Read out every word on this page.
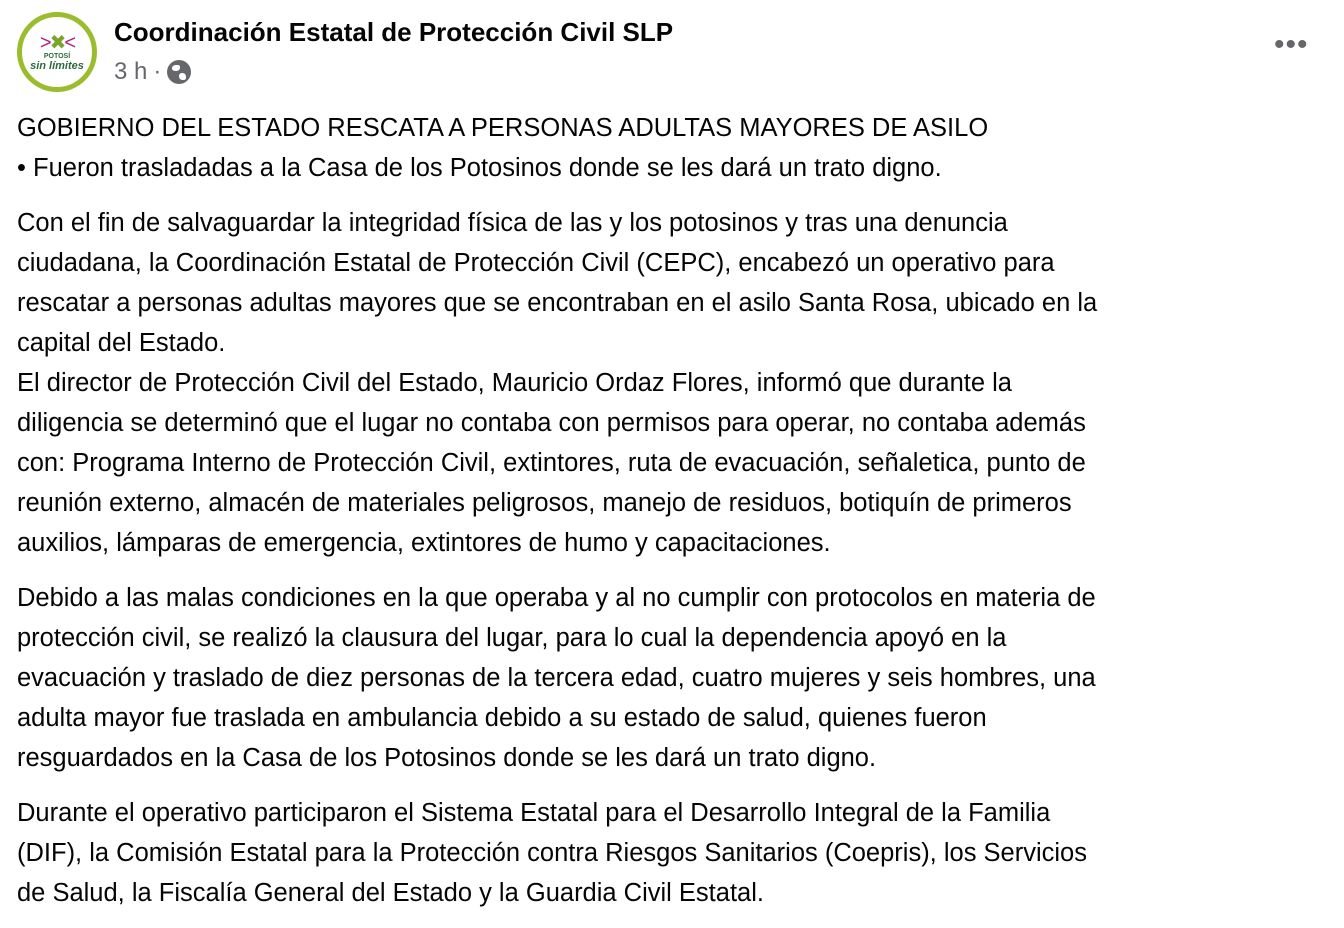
>✖<
POTOSÍ
sin límites
Coordinación Estatal de Protección Civil SLP
3 h ·
•••
GOBIERNO DEL ESTADO RESCATA A PERSONAS ADULTAS MAYORES DE ASILO
• Fueron trasladadas a la Casa de los Potosinos donde se les dará un trato digno.
Con el fin de salvaguardar la integridad física de las y los potosinos y tras una denuncia
ciudadana, la Coordinación Estatal de Protección Civil (CEPC), encabezó un operativo para
rescatar a personas adultas mayores que se encontraban en el asilo Santa Rosa, ubicado en la
capital del Estado.
El director de Protección Civil del Estado, Mauricio Ordaz Flores, informó que durante la
diligencia se determinó que el lugar no contaba con permisos para operar, no contaba además
con: Programa Interno de Protección Civil, extintores, ruta de evacuación, señaletica, punto de
reunión externo, almacén de materiales peligrosos, manejo de residuos, botiquín de primeros
auxilios, lámparas de emergencia, extintores de humo y capacitaciones.
Debido a las malas condiciones en la que operaba y al no cumplir con protocolos en materia de
protección civil, se realizó la clausura del lugar, para lo cual la dependencia apoyó en la
evacuación y traslado de diez personas de la tercera edad, cuatro mujeres y seis hombres, una
adulta mayor fue traslada en ambulancia debido a su estado de salud, quienes fueron
resguardados en la Casa de los Potosinos donde se les dará un trato digno.
Durante el operativo participaron el Sistema Estatal para el Desarrollo Integral de la Familia
(DIF), la Comisión Estatal para la Protección contra Riesgos Sanitarios (Coepris), los Servicios
de Salud, la Fiscalía General del Estado y la Guardia Civil Estatal.
